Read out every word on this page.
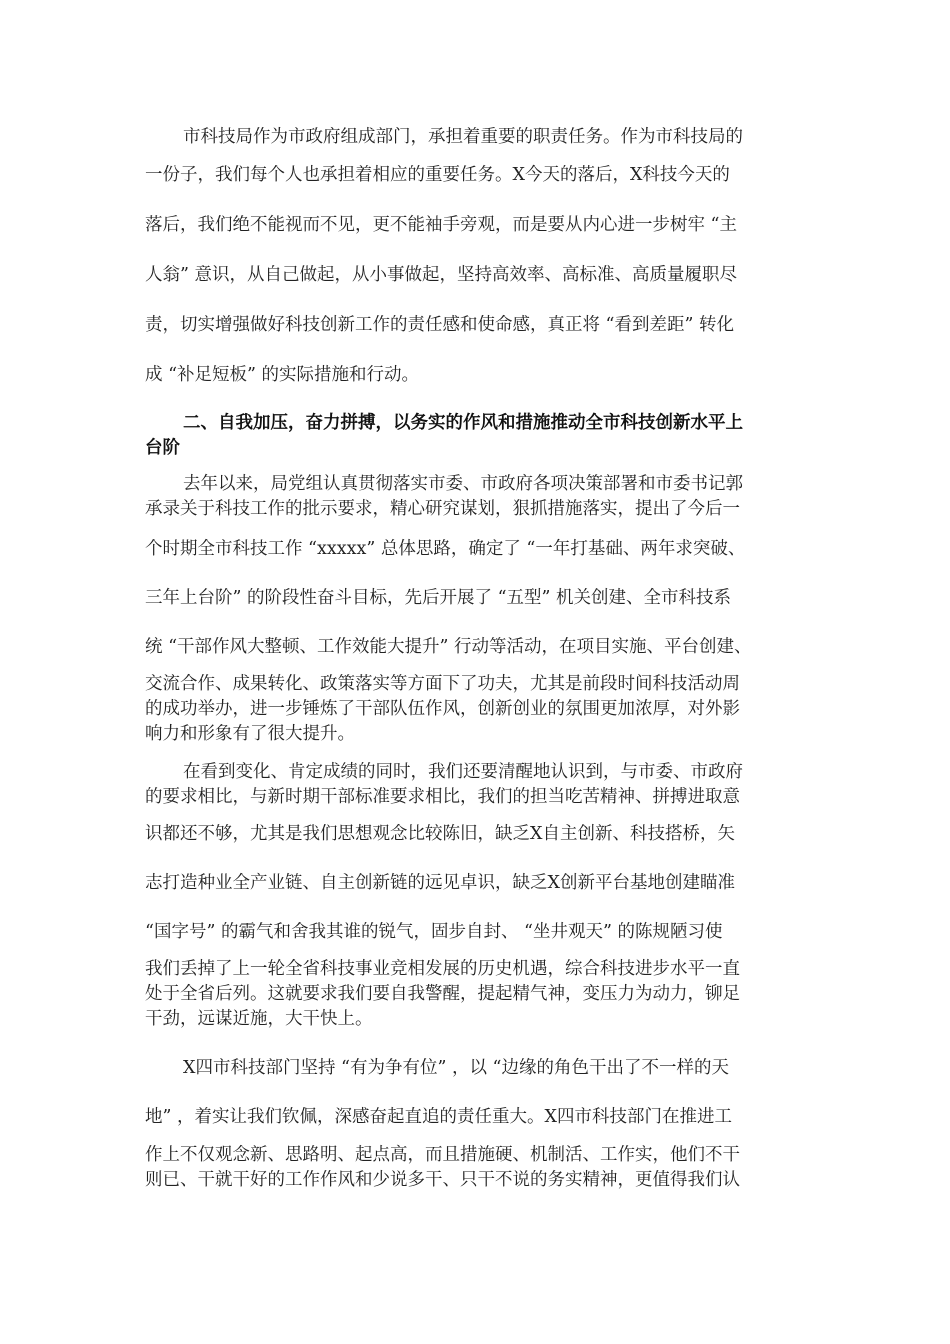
市科技局作为市政府组成部门，承担着重要的职责任务。作为市科技局的
一份子，我们每个人也承担着相应的重要任务。X今天的落后，X科技今天的
落后，我们绝不能视而不见，更不能袖手旁观，而是要从内心进一步树牢 “主
人翁” 意识，从自己做起，从小事做起，坚持高效率、高标准、高质量履职尽
责，切实增强做好科技创新工作的责任感和使命感，真正将 “看到差距” 转化
成 “补足短板” 的实际措施和行动。
二、自我加压，奋力拼搏，以务实的作风和措施推动全市科技创新水平上
台阶
去年以来，局党组认真贯彻落实市委、市政府各项决策部署和市委书记郭
承录关于科技工作的批示要求，精心研究谋划，狠抓措施落实，提出了今后一
个时期全市科技工作 “xxxxx” 总体思路，确定了 “一年打基础、两年求突破、
三年上台阶” 的阶段性奋斗目标，先后开展了 “五型” 机关创建、全市科技系
统 “干部作风大整顿、工作效能大提升” 行动等活动，在项目实施、平台创建、
交流合作、成果转化、政策落实等方面下了功夫，尤其是前段时间科技活动周
的成功举办，进一步锤炼了干部队伍作风，创新创业的氛围更加浓厚，对外影
响力和形象有了很大提升。
在看到变化、肯定成绩的同时，我们还要清醒地认识到，与市委、市政府
的要求相比，与新时期干部标准要求相比，我们的担当吃苦精神、拼搏进取意
识都还不够，尤其是我们思想观念比较陈旧，缺乏X自主创新、科技搭桥，矢
志打造种业全产业链、自主创新链的远见卓识，缺乏X创新平台基地创建瞄准
“国字号” 的霸气和舍我其谁的锐气，固步自封、 “坐井观天” 的陈规陋习使
我们丢掉了上一轮全省科技事业竞相发展的历史机遇，综合科技进步水平一直
处于全省后列。这就要求我们要自我警醒，提起精气神，变压力为动力，铆足
干劲，远谋近施，大干快上。
X四市科技部门坚持 “有为争有位” ，以 “边缘的角色干出了不一样的天
地” ，着实让我们钦佩，深感奋起直追的责任重大。X四市科技部门在推进工
作上不仅观念新、思路明、起点高，而且措施硬、机制活、工作实，他们不干
则已、干就干好的工作作风和少说多干、只干不说的务实精神，更值得我们认
